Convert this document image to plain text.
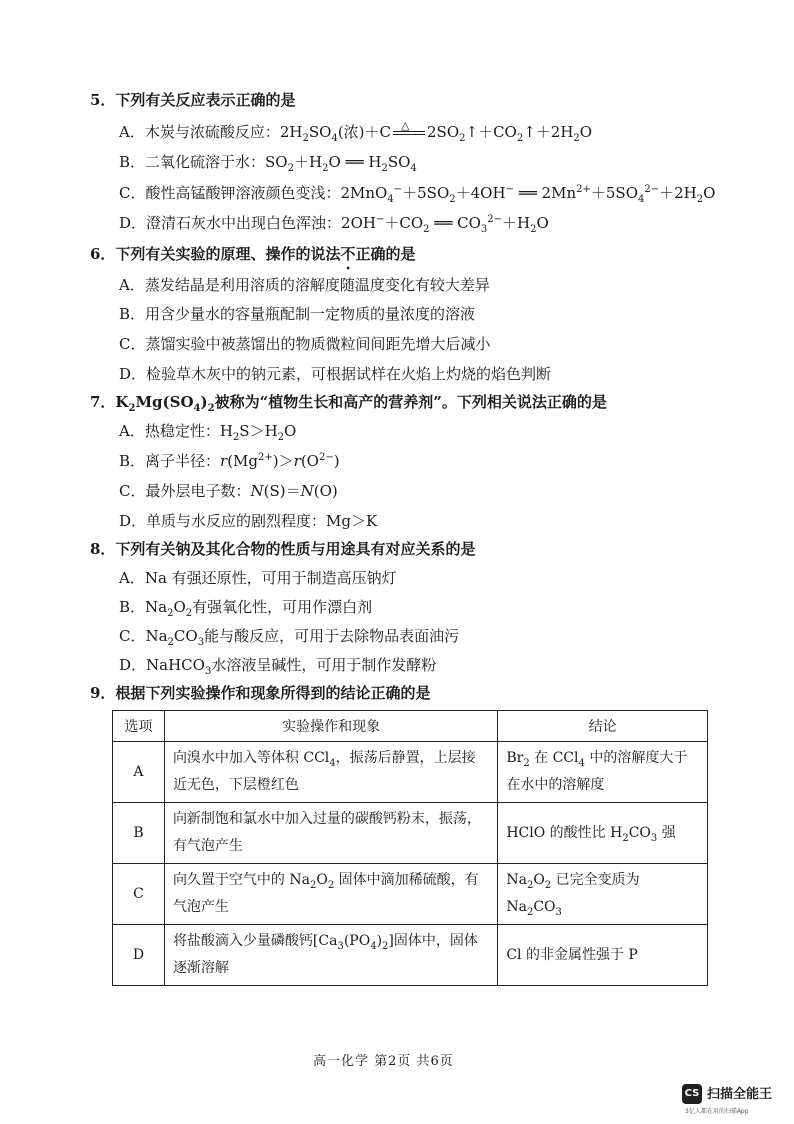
5．下列有关反应表示正确的是
A．木炭与浓硫酸反应：$2H_2SO_4$(浓)＋C △ $2SO_2↑+CO_2↑+2H_2O$
B．二氧化硫溶于水：$SO_2+H_2O$ ══ $H_2SO_4$
C．酸性高锰酸钾溶液颜色变浅：$2MnO_4^-+5SO_2+4OH^-$ ══ $2Mn^{2+}+5SO_4^{2-}+2H_2O$
D．澄清石灰水中出现白色浑浊：$2OH^-+CO_2$ ══ $CO_3^{2-}+H_2O$
6．下列有关实验的原理、操作的说法不正确的是
A．蒸发结晶是利用溶质的溶解度随温度变化有较大差异
B．用含少量水的容量瓶配制一定物质的量浓度的溶液
C．蒸馏实验中被蒸馏出的物质微粒间间距先增大后减小
D．检验草木灰中的钠元素，可根据试样在火焰上灼烧的焰色判断
7．$K_2Mg(SO_4)_2$被称为“植物生长和高产的营养剂”。下列相关说法正确的是
A．热稳定性：$H_2S>H_2O$
B．离子半径：$r(Mg^{2+})>r(O^{2-})$
C．最外层电子数：N(S)＝N(O)
D．单质与水反应的剧烈程度：Mg＞K
8．下列有关钠及其化合物的性质与用途具有对应关系的是
A．Na 有强还原性，可用于制造高压钠灯
B．$Na_2O_2$有强氧化性，可用作漂白剂
C．$Na_2CO_3$能与酸反应，可用于去除物品表面油污
D．NaHCO$_3$水溶液呈碱性，可用于制作发酵粉
9．根据下列实验操作和现象所得到的结论正确的是
选项	实验操作和现象	结论
A	向溴水中加入等体积 CCl$_4$，振荡后静置，上层接近无色，下层橙红色	$Br_2$ 在 CCl$_4$ 中的溶解度大于在水中的溶解度
B	向新制饱和氯水中加入过量的碳酸钙粉末，振荡，有气泡产生	HClO 的酸性比 $H_2CO_3$ 强
C	向久置于空气中的 $Na_2O_2$ 固体中滴加稀硫酸，有气泡产生	$Na_2O_2$ 已完全变质为 $Na_2CO_3$
D	将盐酸滴入少量磷酸钙$[Ca_3(PO_4)_2]$固体中，固体逐渐溶解	Cl 的非金属性强于 P
高一化学 第2页 共6页
CS 扫描全能王
3亿人都在用的扫描App
